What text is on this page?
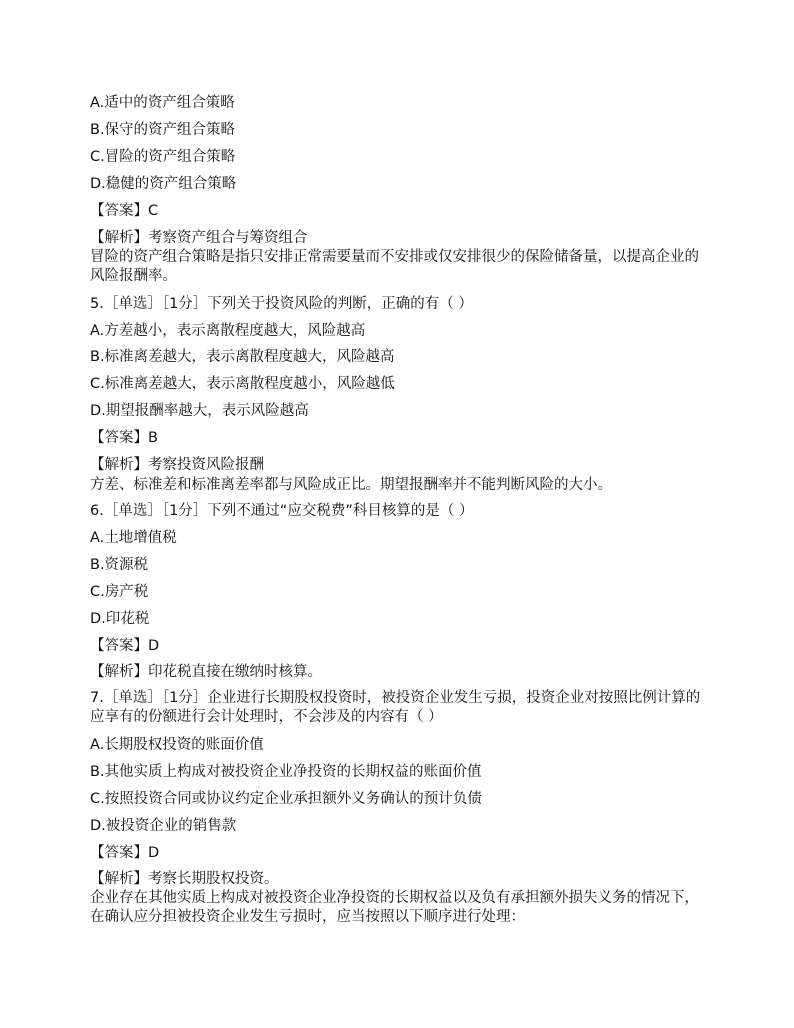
A.适中的资产组合策略
B.保守的资产组合策略
C.冒险的资产组合策略
D.稳健的资产组合策略
【答案】C
【解析】考察资产组合与筹资组合
冒险的资产组合策略是指只安排正常需要量而不安排或仅安排很少的保险储备量，以提高企业的风险报酬率。
5.［单选］［1分］下列关于投资风险的判断，正确的有（ ）
A.方差越小，表示离散程度越大，风险越高
B.标准离差越大，表示离散程度越大，风险越高
C.标准离差越大，表示离散程度越小，风险越低
D.期望报酬率越大，表示风险越高
【答案】B
【解析】考察投资风险报酬
方差、标准差和标准离差率都与风险成正比。期望报酬率并不能判断风险的大小。
6.［单选］［1分］下列不通过“应交税费”科目核算的是（ ）
A.土地增值税
B.资源税
C.房产税
D.印花税
【答案】D
【解析】印花税直接在缴纳时核算。
7.［单选］［1分］企业进行长期股权投资时，被投资企业发生亏损，投资企业对按照比例计算的应享有的份额进行会计处理时，不会涉及的内容有（ ）
A.长期股权投资的账面价值
B.其他实质上构成对被投资企业净投资的长期权益的账面价值
C.按照投资合同或协议约定企业承担额外义务确认的预计负债
D.被投资企业的销售款
【答案】D
【解析】考察长期股权投资。
企业存在其他实质上构成对被投资企业净投资的长期权益以及负有承担额外损失义务的情况下，在确认应分担被投资企业发生亏损时，应当按照以下顺序进行处理：
